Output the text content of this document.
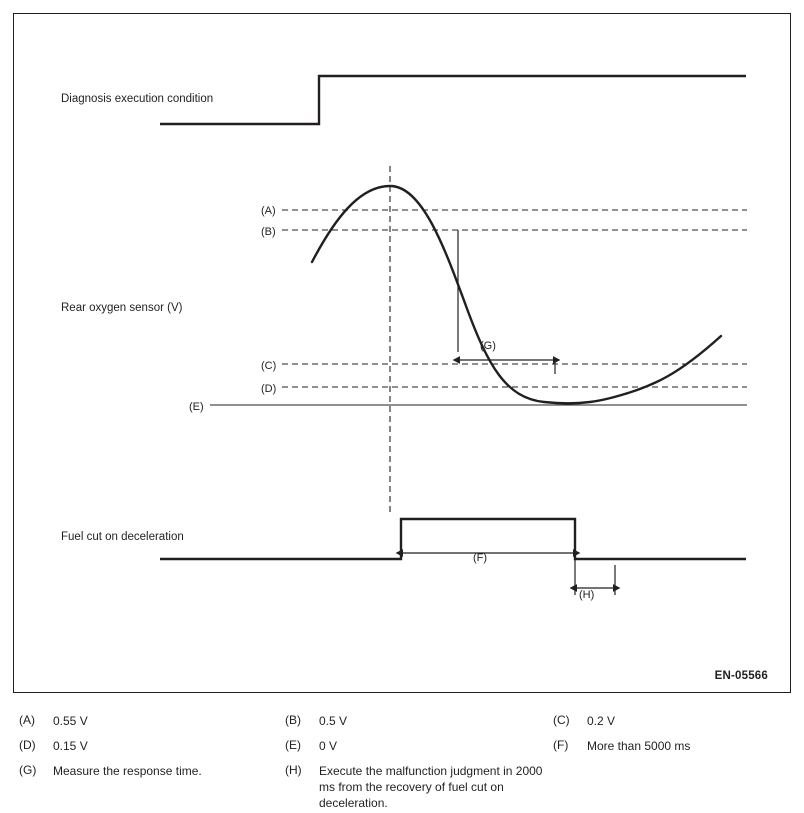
Diagnosis execution condition
Rear oxygen sensor (V)
Fuel cut on deceleration
(A)
(B)
(C)
(D)
(E)
(G)
(F)
(H)
EN-05566
(A)	0.55 V	(B)	0.5 V	(C)	0.2 V
(D)	0.15 V	(E)	0 V	(F)	More than 5000 ms
(G)	Measure the response time.	(H)	Execute the malfunction judgment in 2000 ms from the recovery of fuel cut on deceleration.
